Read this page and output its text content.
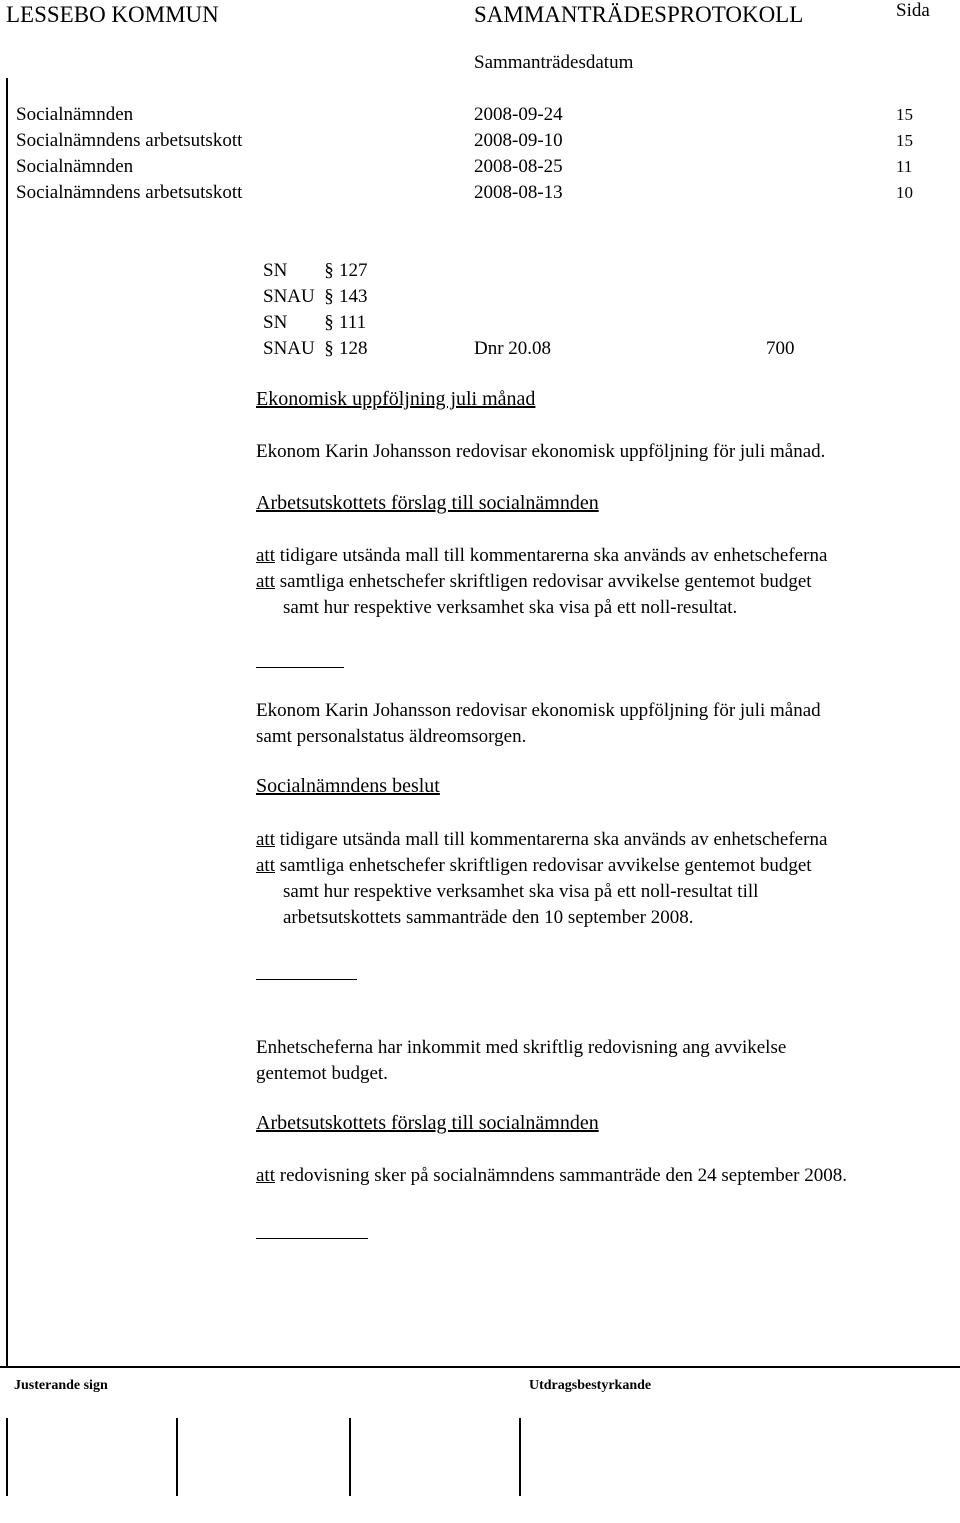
LESSEBO KOMMUN	SAMMANTRÄDESPROTOKOLL	Sida
Sammanträdesdatum
Socialnämnden	2008-09-24	15
Socialnämndens arbetsutskott	2008-09-10	15
Socialnämnden	2008-08-25	11
Socialnämndens arbetsutskott	2008-08-13	10
SN § 127
SNAU § 143
SN § 111
SNAU § 128	Dnr 20.08	700
Ekonomisk uppföljning juli månad
Ekonom Karin Johansson redovisar ekonomisk uppföljning för juli månad.
Arbetsutskottets förslag till socialnämnden
att tidigare utsända mall till kommentarerna ska används av enhetscheferna
att samtliga enhetschefer skriftligen redovisar avvikelse gentemot budget
samt hur respektive verksamhet ska visa på ett noll-resultat.
Ekonom Karin Johansson redovisar ekonomisk uppföljning för juli månad
samt personalstatus äldreomsorgen.
Socialnämndens beslut
att tidigare utsända mall till kommentarerna ska används av enhetscheferna
att samtliga enhetschefer skriftligen redovisar avvikelse gentemot budget
samt hur respektive verksamhet ska visa på ett noll-resultat till
arbetsutskottets sammanträde den 10 september 2008.
Enhetscheferna har inkommit med skriftlig redovisning ang avvikelse
gentemot budget.
Arbetsutskottets förslag till socialnämnden
att redovisning sker på socialnämndens sammanträde den 24 september 2008.
Justerande sign	Utdragsbestyrkande
